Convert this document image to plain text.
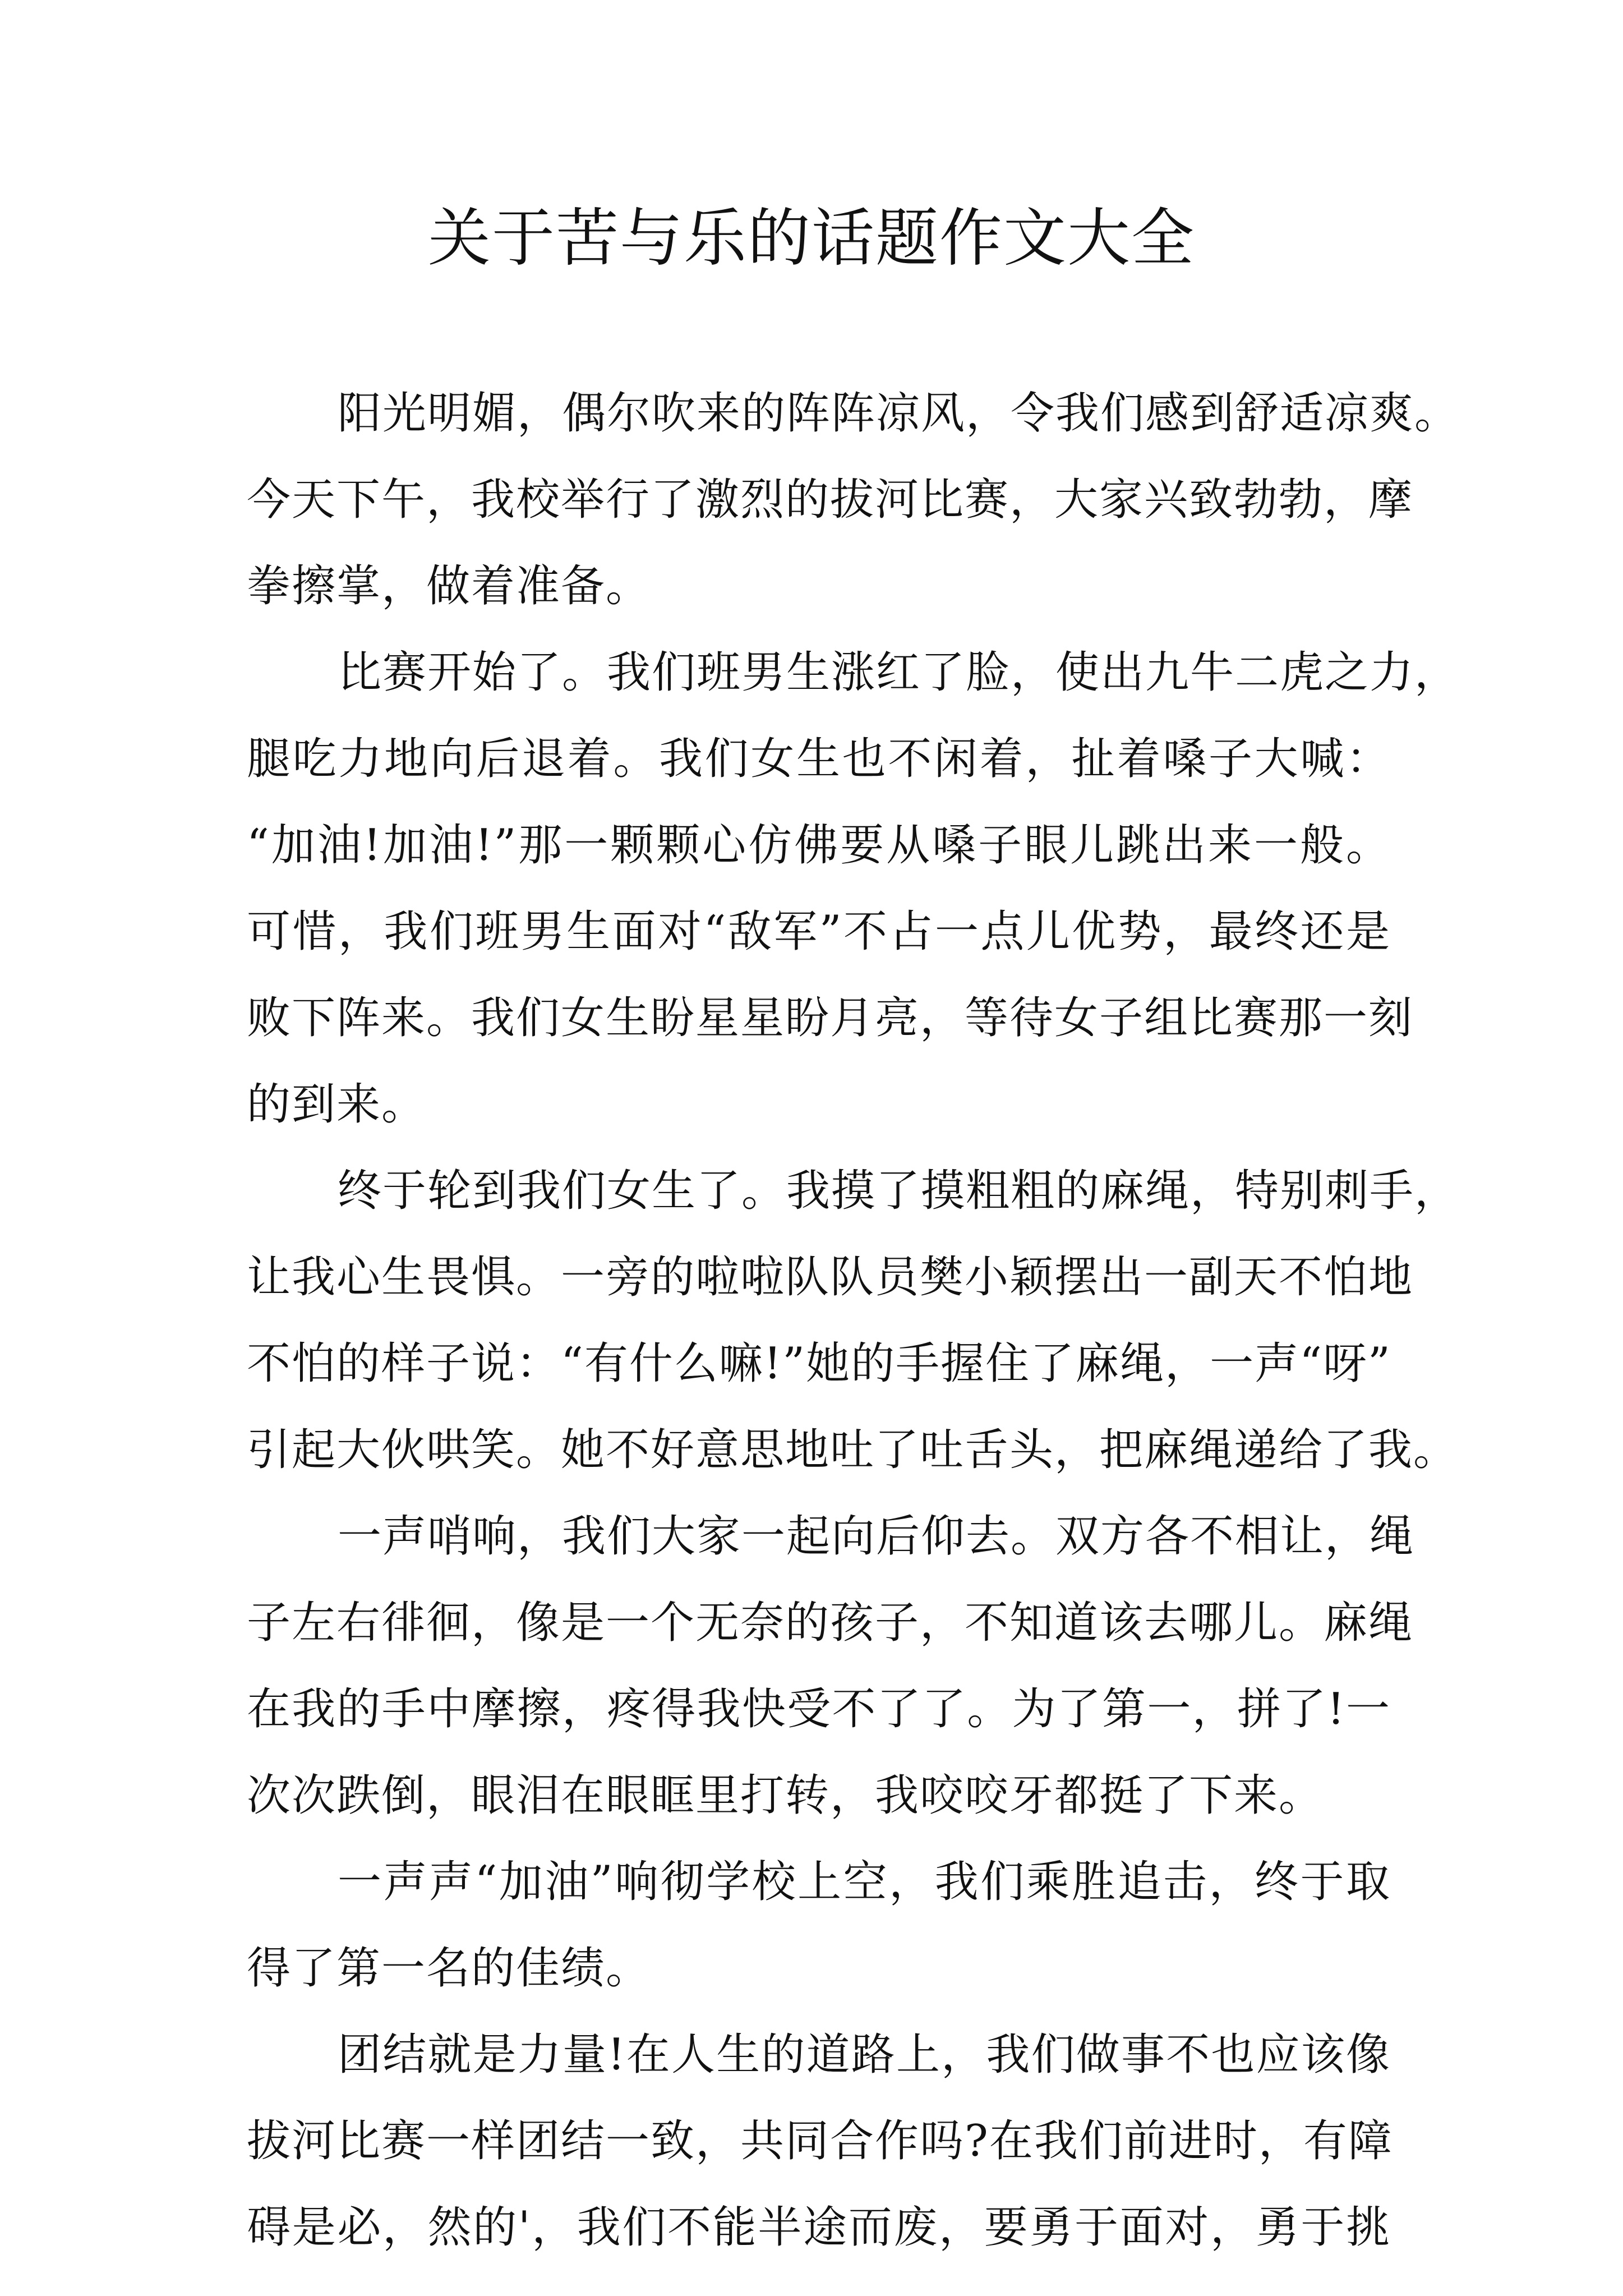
关于苦与乐的话题作文大全
阳光明媚，偶尔吹来的阵阵凉风，令我们感到舒适凉爽。
今天下午，我校举行了激烈的拔河比赛，大家兴致勃勃，摩
拳擦掌，做着准备。
比赛开始了。我们班男生涨红了脸，使出九牛二虎之力，
腿吃力地向后退着。我们女生也不闲着，扯着嗓子大喊：
“加油!加油!”那一颗颗心仿佛要从嗓子眼儿跳出来一般。
可惜，我们班男生面对“敌军”不占一点儿优势，最终还是
败下阵来。我们女生盼星星盼月亮，等待女子组比赛那一刻
的到来。
终于轮到我们女生了。我摸了摸粗粗的麻绳，特别刺手，
让我心生畏惧。一旁的啦啦队队员樊小颖摆出一副天不怕地
不怕的样子说：“有什么嘛!”她的手握住了麻绳，一声“呀”
引起大伙哄笑。她不好意思地吐了吐舌头，把麻绳递给了我。
一声哨响，我们大家一起向后仰去。双方各不相让，绳
子左右徘徊，像是一个无奈的孩子，不知道该去哪儿。麻绳
在我的手中摩擦，疼得我快受不了了。为了第一，拼了!一
次次跌倒，眼泪在眼眶里打转，我咬咬牙都挺了下来。
一声声“加油”响彻学校上空，我们乘胜追击，终于取
得了第一名的佳绩。
团结就是力量!在人生的道路上，我们做事不也应该像
拔河比赛一样团结一致，共同合作吗?在我们前进时，有障
碍是必，然的'，我们不能半途而废，要勇于面对，勇于挑
